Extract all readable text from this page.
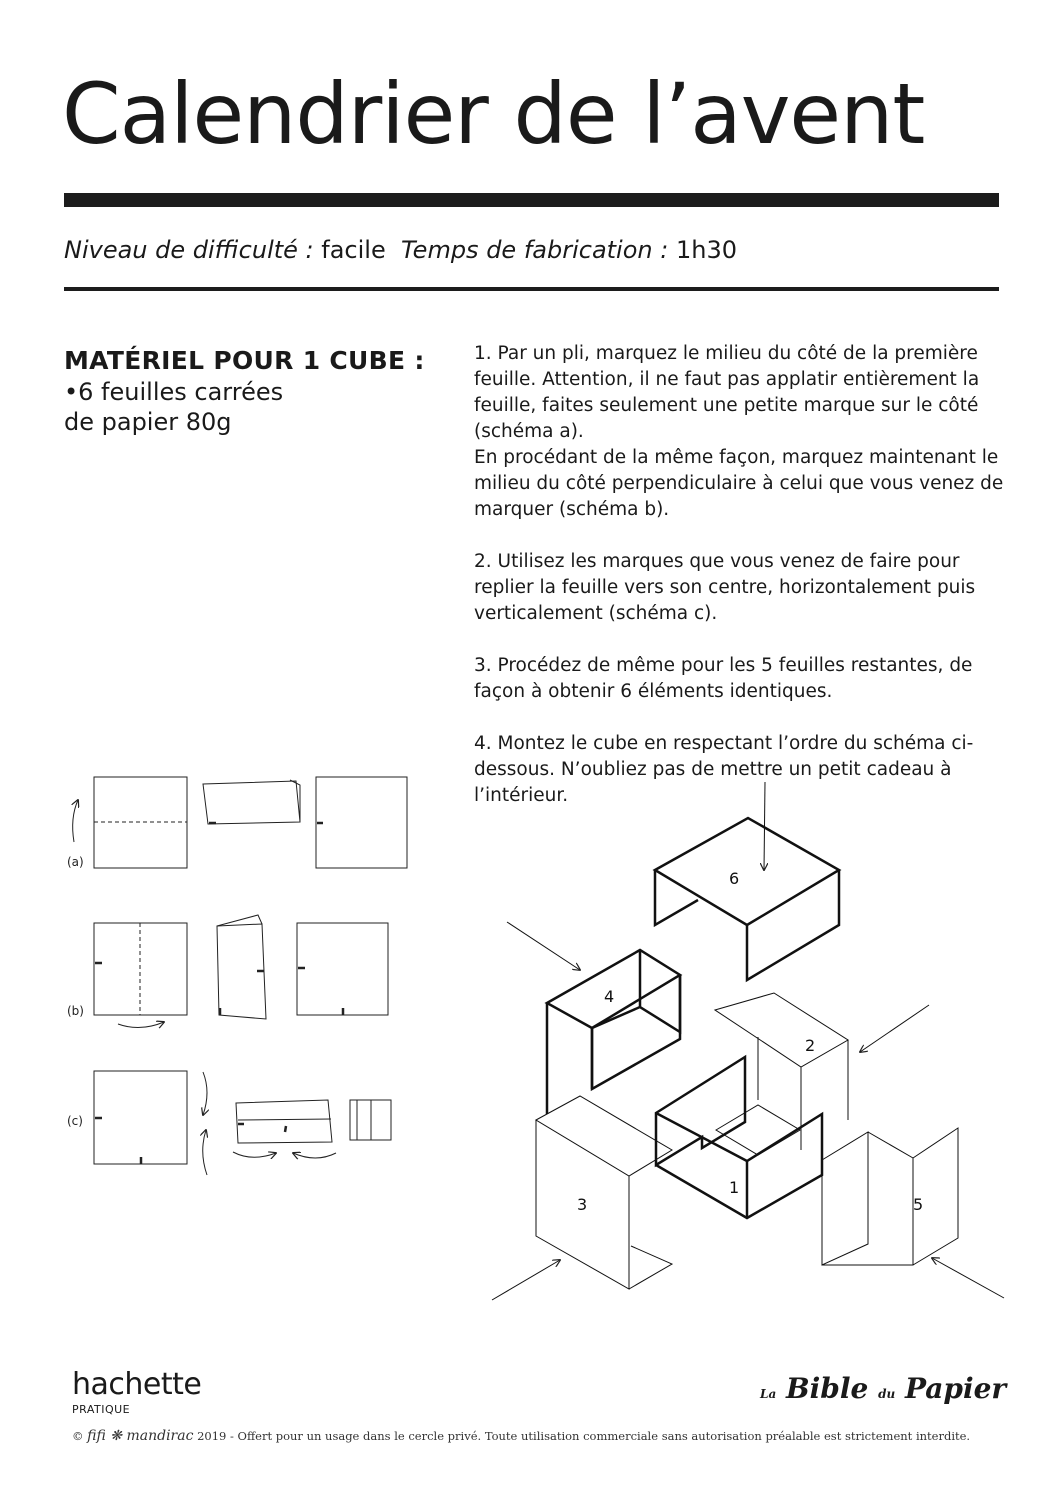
Calendrier de l’avent
Niveau de difficulté : facile Temps de fabrication : 1h30
MATÉRIEL POUR 1 CUBE :

•6 feuilles carrées

de papier 80g

1. Par un pli, marquez le milieu du côté de la première feuille. Attention, il ne faut pas applatir entièrement la feuille, faites seulement une petite marque sur le côté (schéma a).

En procédant de la même façon, marquez maintenant le milieu du côté perpendiculaire à celui que vous venez de marquer (schéma b).

2. Utilisez les marques que vous venez de faire pour replier la feuille vers son centre, horizontalement puis verticalement (schéma c).

3. Procédez de même pour les 5 feuilles restantes, de façon à obtenir 6 éléments identiques.

4. Montez le cube en respectant l’ordre du schéma ci-dessous. N’oubliez pas de mettre un petit cadeau à l’intérieur.

(a)
(b)
(c)
6
4
2
1
3	5
hachette
PRATIQUE
La Bible du Papier
© fifi ❋ mandirac 2019 - Offert pour un usage dans le cercle privé. Toute utilisation commerciale sans autorisation préalable est strictement interdite.
